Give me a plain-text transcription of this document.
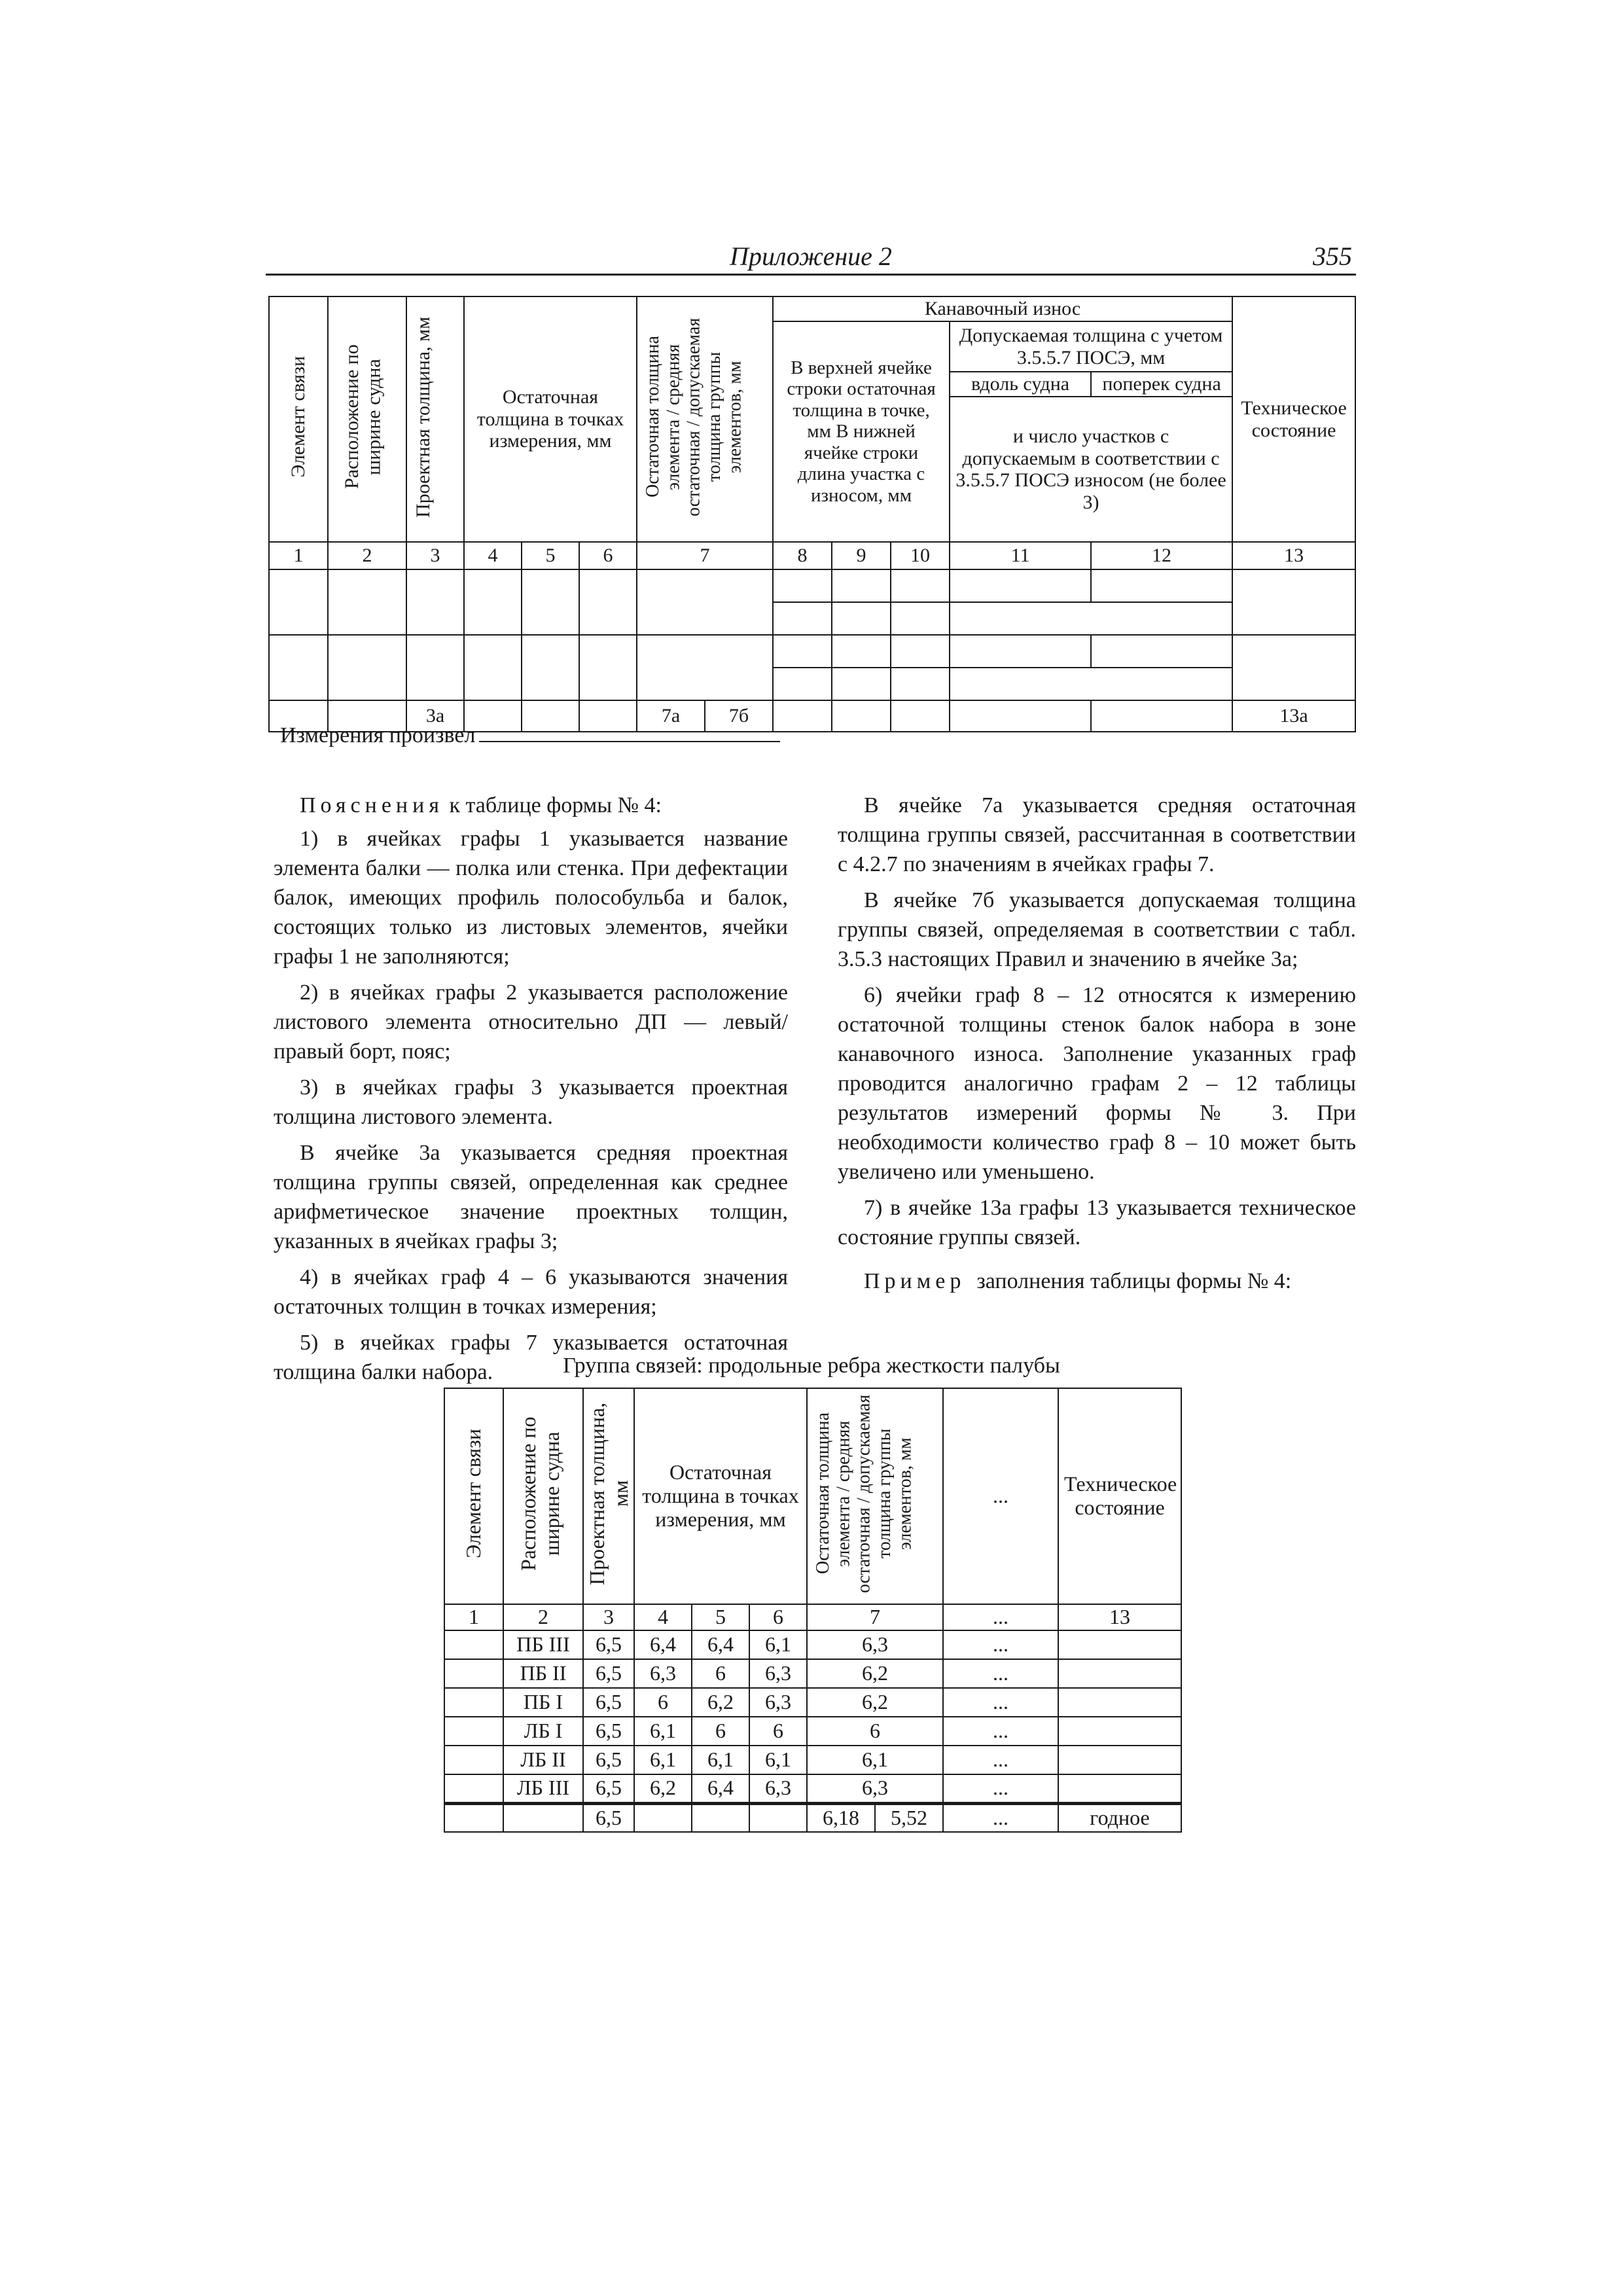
Приложение 2	355
Элемент связи	Расположение по ширине судна	Проектная толщина, мм	Остаточная толщина в точках измерения, мм			Остаточная толщина элемента / средняя остаточная / допускаемая толщина группы элементов, мм		Канавочный износ					Техническое состояние

								В верхней ячейке строки остаточная толщина в точке, мм В нижней ячейке строки длина участка с износом, мм			Допускаемая толщина с учетом 3.5.5.7 ПОСЭ, мм		

											вдоль судна	поперек судна	

											и число участков с допускаемым в соответствии с 3.5.5.7 ПОСЭ износом (не более 3)		

1	2	3	4	5	6	7		8	9	10	11	12	13

		3а				7а	7б						13а
Измерения произвел

Пояснения к таблице формы № 4:

1) в ячейках графы 1 указывается название элемента балки — полка или стенка. При дефектации балок, имеющих профиль полособульба и балок, состоящих только из листовых элементов, ячейки графы 1 не заполняются;

2) в ячейках графы 2 указывается расположение листового элемента относительно ДП — левый/правый борт, пояс;

3) в ячейках графы 3 указывается проектная толщина листового элемента.

В ячейке 3а указывается средняя проектная толщина группы связей, определенная как среднее арифметическое значение проектных толщин, указанных в ячейках графы 3;

4) в ячейках граф 4 – 6 указываются значения остаточных толщин в точках измерения;

5) в ячейках графы 7 указывается остаточная толщина балки набора.

В ячейке 7а указывается средняя остаточная толщина группы связей, рассчитанная в соответствии с 4.2.7 по значениям в ячейках графы 7.

В ячейке 7б указывается допускаемая толщина группы связей, определяемая в соответствии с табл. 3.5.3 настоящих Правил и значению в ячейке 3а;

6) ячейки граф 8 – 12 относятся к измерению остаточной толщины стенок балок набора в зоне канавочного износа. Заполнение указанных граф проводится аналогично графам 2 – 12 таблицы результатов измерений формы № 3. При необходимости количество граф 8 – 10 может быть увеличено или уменьшено.

7) в ячейке 13а графы 13 указывается техническое состояние группы связей.

Пример заполнения таблицы формы № 4:

Группа связей: продольные ребра жесткости палубы
Элемент связи	Расположение по ширине судна	Проектная толщина, мм	Остаточная толщина в точках измерения, мм			Остаточная толщина элемента / средняя остаточная / допускаемая толщина группы элементов, мм		...	Техническое состояние

1	2	3	4	5	6	7		...	13
	ПБ III	6,5	6,4	6,4	6,1	6,3		...	
	ПБ II	6,5	6,3	6	6,3	6,2		...	
	ПБ I	6,5	6	6,2	6,3	6,2		...	
	ЛБ I	6,5	6,1	6	6	6		...	
	ЛБ II	6,5	6,1	6,1	6,1	6,1		...	
	ЛБ III	6,5	6,2	6,4	6,3	6,3		...	
		6,5				6,18	5,52	...	годное
